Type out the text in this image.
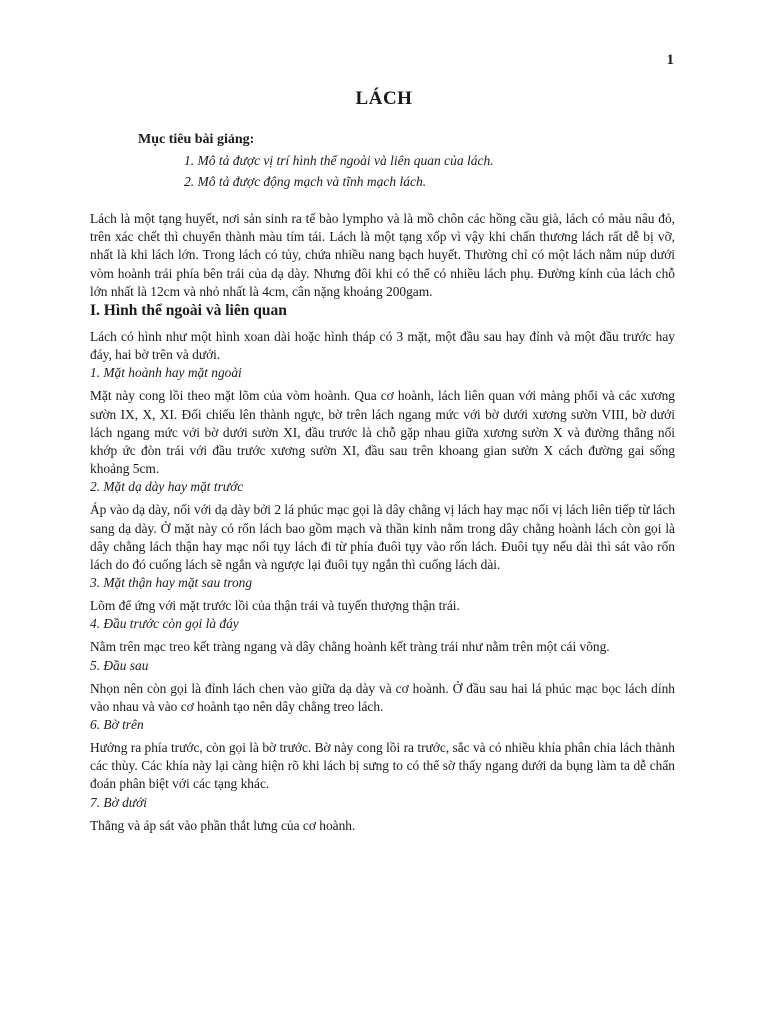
1
LÁCH
Mục tiêu bài giảng:
1. Mô tả được vị trí hình thể ngoài và liên quan của lách.
2. Mô tả được động mạch và tĩnh mạch lách.

Lách là một tạng huyết, nơi sản sinh ra tế bào lympho và là mồ chôn các hồng cầu già, lách có màu nâu đỏ, trên xác chết thì chuyển thành màu tím tái. Lách là một tạng xốp vì vậy khi chấn thương lách rất dễ bị vỡ, nhất là khi lách lớn. Trong lách có tủy, chứa nhiều nang bạch huyết. Thường chỉ có một lách nằm núp dưới vòm hoành trái phía bên trái của dạ dày. Nhưng đôi khi có thể có nhiều lách phụ. Đường kính của lách chỗ lớn nhất là 12cm và nhỏ nhất là 4cm, cân nặng khoảng 200gam.

I. Hình thể ngoài và liên quan

Lách có hình như một hình xoan dài hoặc hình tháp có 3 mặt, một đầu sau hay đỉnh và một đầu trước hay đáy, hai bờ trên và dưới.

1. Mặt hoành hay mặt ngoài

Mặt này cong lồi theo mặt lõm của vòm hoành. Qua cơ hoành, lách liên quan với màng phổi và các xương sườn IX, X, XI. Đối chiếu lên thành ngực, bờ trên lách ngang mức với bờ dưới xương sườn VIII, bờ dưới lách ngang mức với bờ dưới sườn XI, đầu trước là chỗ gặp nhau giữa xương sườn X và đường thẳng nối khớp ức đòn trái với đầu trước xương sườn XI, đầu sau trên khoang gian sườn X cách đường gai sống khoảng 5cm.

2. Mặt dạ dày hay mặt trước

Áp vào dạ dày, nối với dạ dày bởi 2 lá phúc mạc gọi là dây chằng vị lách hay mạc nối vị lách liên tiếp từ lách sang dạ dày. Ở mặt này có rốn lách bao gồm mạch và thần kinh nằm trong dây chằng hoành lách còn gọi là dây chằng lách thận hay mạc nối tụy lách đi từ phía đuôi tụy vào rốn lách. Đuôi tụy nếu dài thì sát vào rốn lách do đó cuống lách sẽ ngắn và ngược lại đuôi tụy ngắn thì cuống lách dài.

3. Mặt thận hay mặt sau trong

Lõm để ứng với mặt trước lồi của thận trái và tuyến thượng thận trái.

4. Đầu trước còn gọi là đáy

Nằm trên mạc treo kết tràng ngang và dây chằng hoành kết tràng trái như nằm trên một cái võng.

5. Đầu sau

Nhọn nên còn gọi là đỉnh lách chen vào giữa dạ dày và cơ hoành. Ở đầu sau hai lá phúc mạc bọc lách dính vào nhau và vào cơ hoành tạo nên dây chằng treo lách.

6. Bờ trên

Hướng ra phía trước, còn gọi là bờ trước. Bờ này cong lồi ra trước, sắc và có nhiều khía phân chia lách thành các thùy. Các khía này lại càng hiện rõ khi lách bị sưng to có thể sờ thấy ngang dưới da bụng làm ta dễ chẩn đoán phân biệt với các tạng khác.

7. Bờ dưới

Thẳng và áp sát vào phần thắt lưng của cơ hoành.
